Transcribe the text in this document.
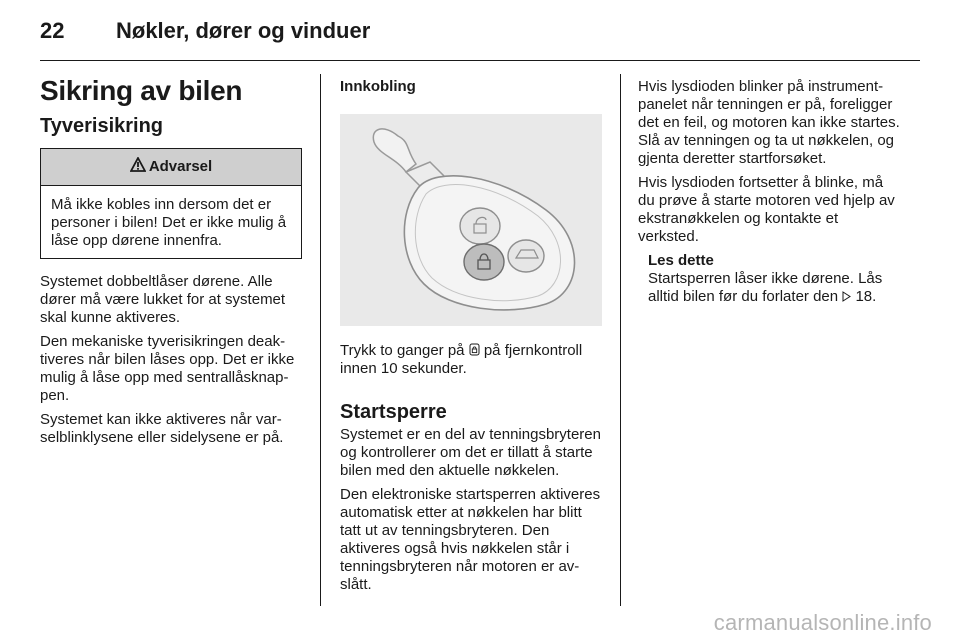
22 Nøkler, dører og vinduer
Sikring av bilen
Tyverisikring
Advarsel
Må ikke kobles inn dersom det er personer i bilen! Det er ikke mulig å låse opp dørene innenfra.

Systemet dobbeltlåser dørene. Alle dører må være lukket for at systemet skal kunne aktiveres.

Den mekaniske tyverisikringen deaktiveres når bilen låses opp. Det er ikke mulig å låse opp med sentrallåsknappen.

Systemet kan ikke aktiveres når varselblinklysene eller sidelysene er på.

Innkobling

Trykk to ganger på  på fjernkontroll innen 10 sekunder.

Startsperre

Systemet er en del av tenningsbryteren og kontrollerer om det er tillatt å starte bilen med den aktuelle nøkkelen.

Den elektroniske startsperren aktiveres automatisk etter at nøkkelen har blitt tatt ut av tenningsbryteren. Den aktiveres også hvis nøkkelen står i tenningsbryteren når motoren er avslått.

Hvis lysdioden blinker på instrumentpanelet når tenningen er på, foreligger det en feil, og motoren kan ikke startes. Slå av tenningen og ta ut nøkkelen, og gjenta deretter startforsøket.

Hvis lysdioden fortsetter å blinke, må du prøve å starte motoren ved hjelp av ekstranøkkelen og kontakte et verksted.

Les dette
Startsperren låser ikke dørene. Lås alltid bilen før du forlater den  18.
carmanualsonline.info
